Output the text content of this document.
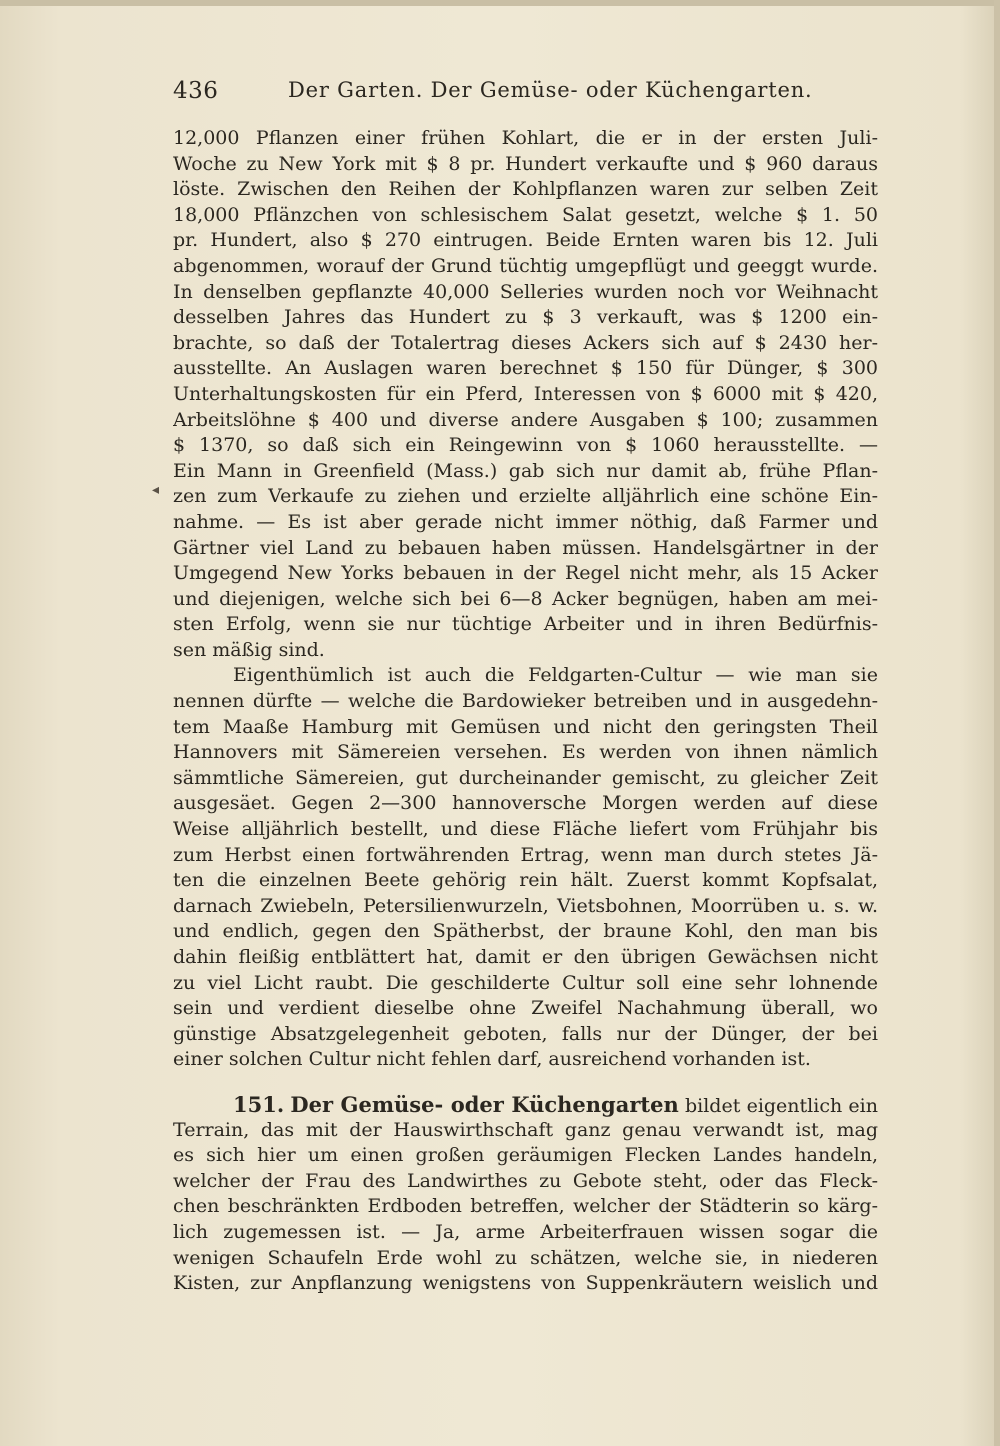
436	Der Garten. Der Gemüse- oder Küchengarten.
◂
12,000 Pflanzen einer frühen Kohlart, die er in der ersten Juli-
Woche zu New York mit $ 8 pr. Hundert verkaufte und $ 960 daraus
löste. Zwischen den Reihen der Kohlpflanzen waren zur selben Zeit
18,000 Pflänzchen von schlesischem Salat gesetzt, welche $ 1. 50
pr. Hundert, also $ 270 eintrugen. Beide Ernten waren bis 12. Juli
abgenommen, worauf der Grund tüchtig umgepflügt und geeggt wurde.
In denselben gepflanzte 40,000 Selleries wurden noch vor Weihnacht
desselben Jahres das Hundert zu $ 3 verkauft, was $ 1200 ein-
brachte, so daß der Totalertrag dieses Ackers sich auf $ 2430 her-
ausstellte. An Auslagen waren berechnet $ 150 für Dünger, $ 300
Unterhaltungskosten für ein Pferd, Interessen von $ 6000 mit $ 420,
Arbeitslöhne $ 400 und diverse andere Ausgaben $ 100; zusammen
$ 1370, so daß sich ein Reingewinn von $ 1060 herausstellte. —
Ein Mann in Greenfield (Mass.) gab sich nur damit ab, frühe Pflan-
zen zum Verkaufe zu ziehen und erzielte alljährlich eine schöne Ein-
nahme. — Es ist aber gerade nicht immer nöthig, daß Farmer und
Gärtner viel Land zu bebauen haben müssen. Handelsgärtner in der
Umgegend New Yorks bebauen in der Regel nicht mehr, als 15 Acker
und diejenigen, welche sich bei 6—8 Acker begnügen, haben am mei-
sten Erfolg, wenn sie nur tüchtige Arbeiter und in ihren Bedürfnis-
sen mäßig sind.
Eigenthümlich ist auch die Feldgarten-Cultur — wie man sie
nennen dürfte — welche die Bardowieker betreiben und in ausgedehn-
tem Maaße Hamburg mit Gemüsen und nicht den geringsten Theil
Hannovers mit Sämereien versehen. Es werden von ihnen nämlich
sämmtliche Sämereien, gut durcheinander gemischt, zu gleicher Zeit
ausgesäet. Gegen 2—300 hannoversche Morgen werden auf diese
Weise alljährlich bestellt, und diese Fläche liefert vom Frühjahr bis
zum Herbst einen fortwährenden Ertrag, wenn man durch stetes Jä-
ten die einzelnen Beete gehörig rein hält. Zuerst kommt Kopfsalat,
darnach Zwiebeln, Petersilienwurzeln, Vietsbohnen, Moorrüben u. s. w.
und endlich, gegen den Spätherbst, der braune Kohl, den man bis
dahin fleißig entblättert hat, damit er den übrigen Gewächsen nicht
zu viel Licht raubt. Die geschilderte Cultur soll eine sehr lohnende
sein und verdient dieselbe ohne Zweifel Nachahmung überall, wo
günstige Absatzgelegenheit geboten, falls nur der Dünger, der bei
einer solchen Cultur nicht fehlen darf, ausreichend vorhanden ist.
151. Der Gemüse- oder Küchengarten bildet eigentlich ein
Terrain, das mit der Hauswirthschaft ganz genau verwandt ist, mag
es sich hier um einen großen geräumigen Flecken Landes handeln,
welcher der Frau des Landwirthes zu Gebote steht, oder das Fleck-
chen beschränkten Erdboden betreffen, welcher der Städterin so kärg-
lich zugemessen ist. — Ja, arme Arbeiterfrauen wissen sogar die
wenigen Schaufeln Erde wohl zu schätzen, welche sie, in niederen
Kisten, zur Anpflanzung wenigstens von Suppenkräutern weislich und
